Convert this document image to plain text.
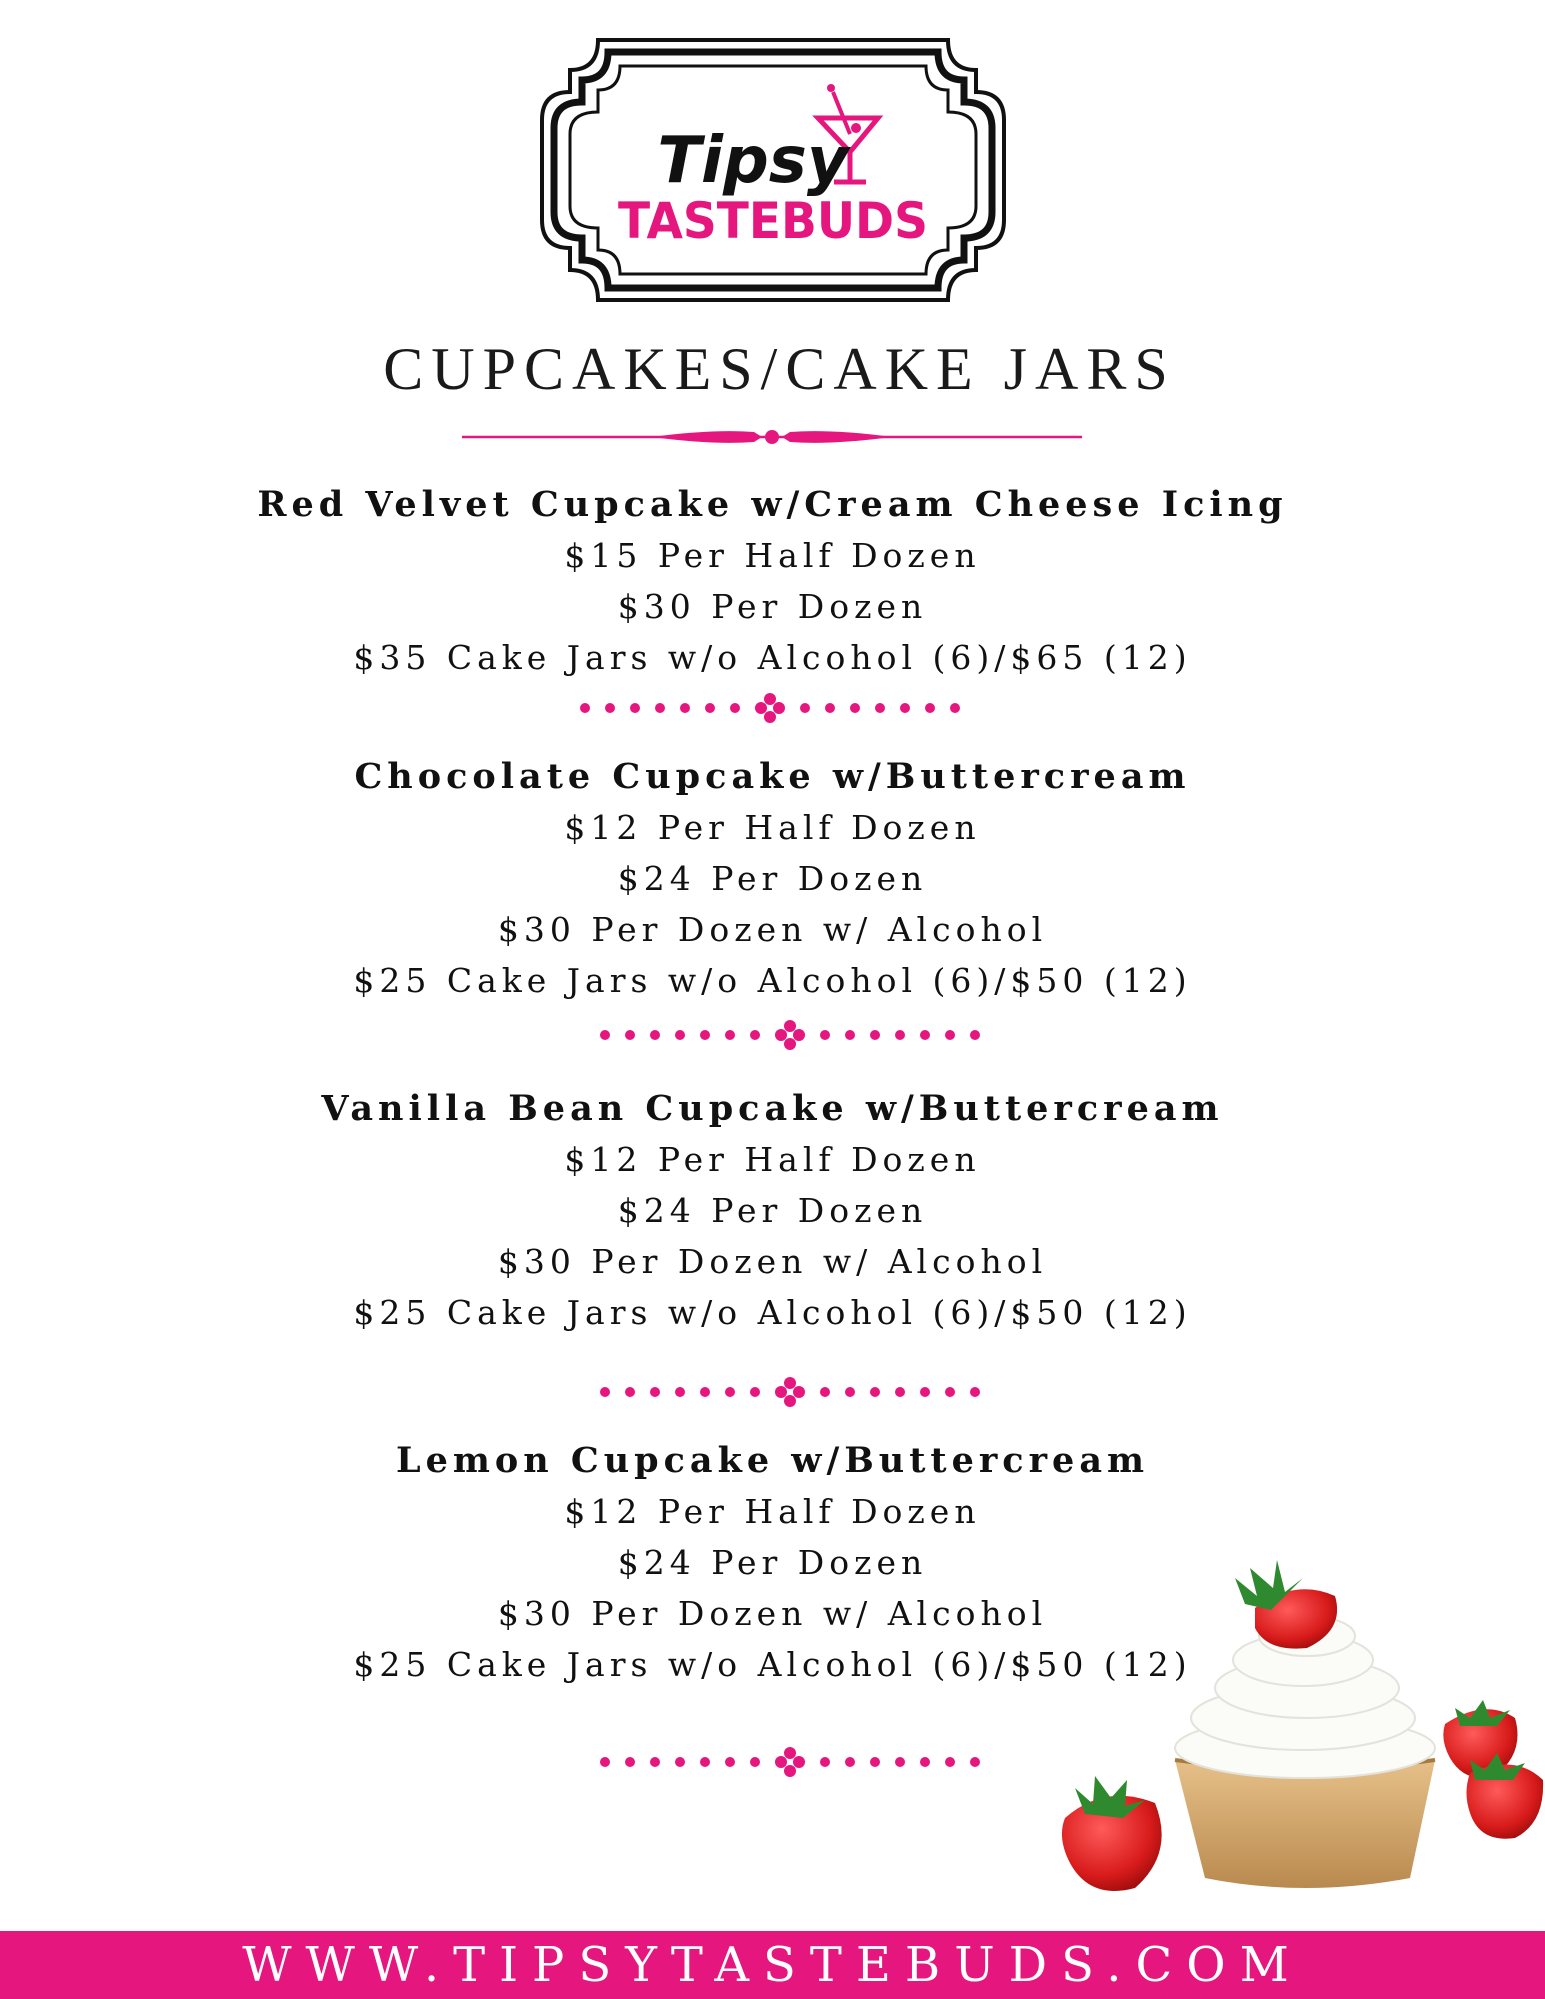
Tipsy
TASTEBUDS
CUPCAKES/CAKE JARS

Red Velvet Cupcake w/Cream Cheese Icing

$15 Per Half Dozen

$30 Per Dozen

$35 Cake Jars w/o Alcohol (6)/$65 (12)

Chocolate Cupcake w/Buttercream

$12 Per Half Dozen

$24 Per Dozen

$30 Per Dozen w/ Alcohol

$25 Cake Jars w/o Alcohol (6)/$50 (12)

Vanilla Bean Cupcake w/Buttercream

$12 Per Half Dozen

$24 Per Dozen

$30 Per Dozen w/ Alcohol

$25 Cake Jars w/o Alcohol (6)/$50 (12)

Lemon Cupcake w/Buttercream

$12 Per Half Dozen

$24 Per Dozen

$30 Per Dozen w/ Alcohol

$25 Cake Jars w/o Alcohol (6)/$50 (12)

WWW.TIPSYTASTEBUDS.COM
